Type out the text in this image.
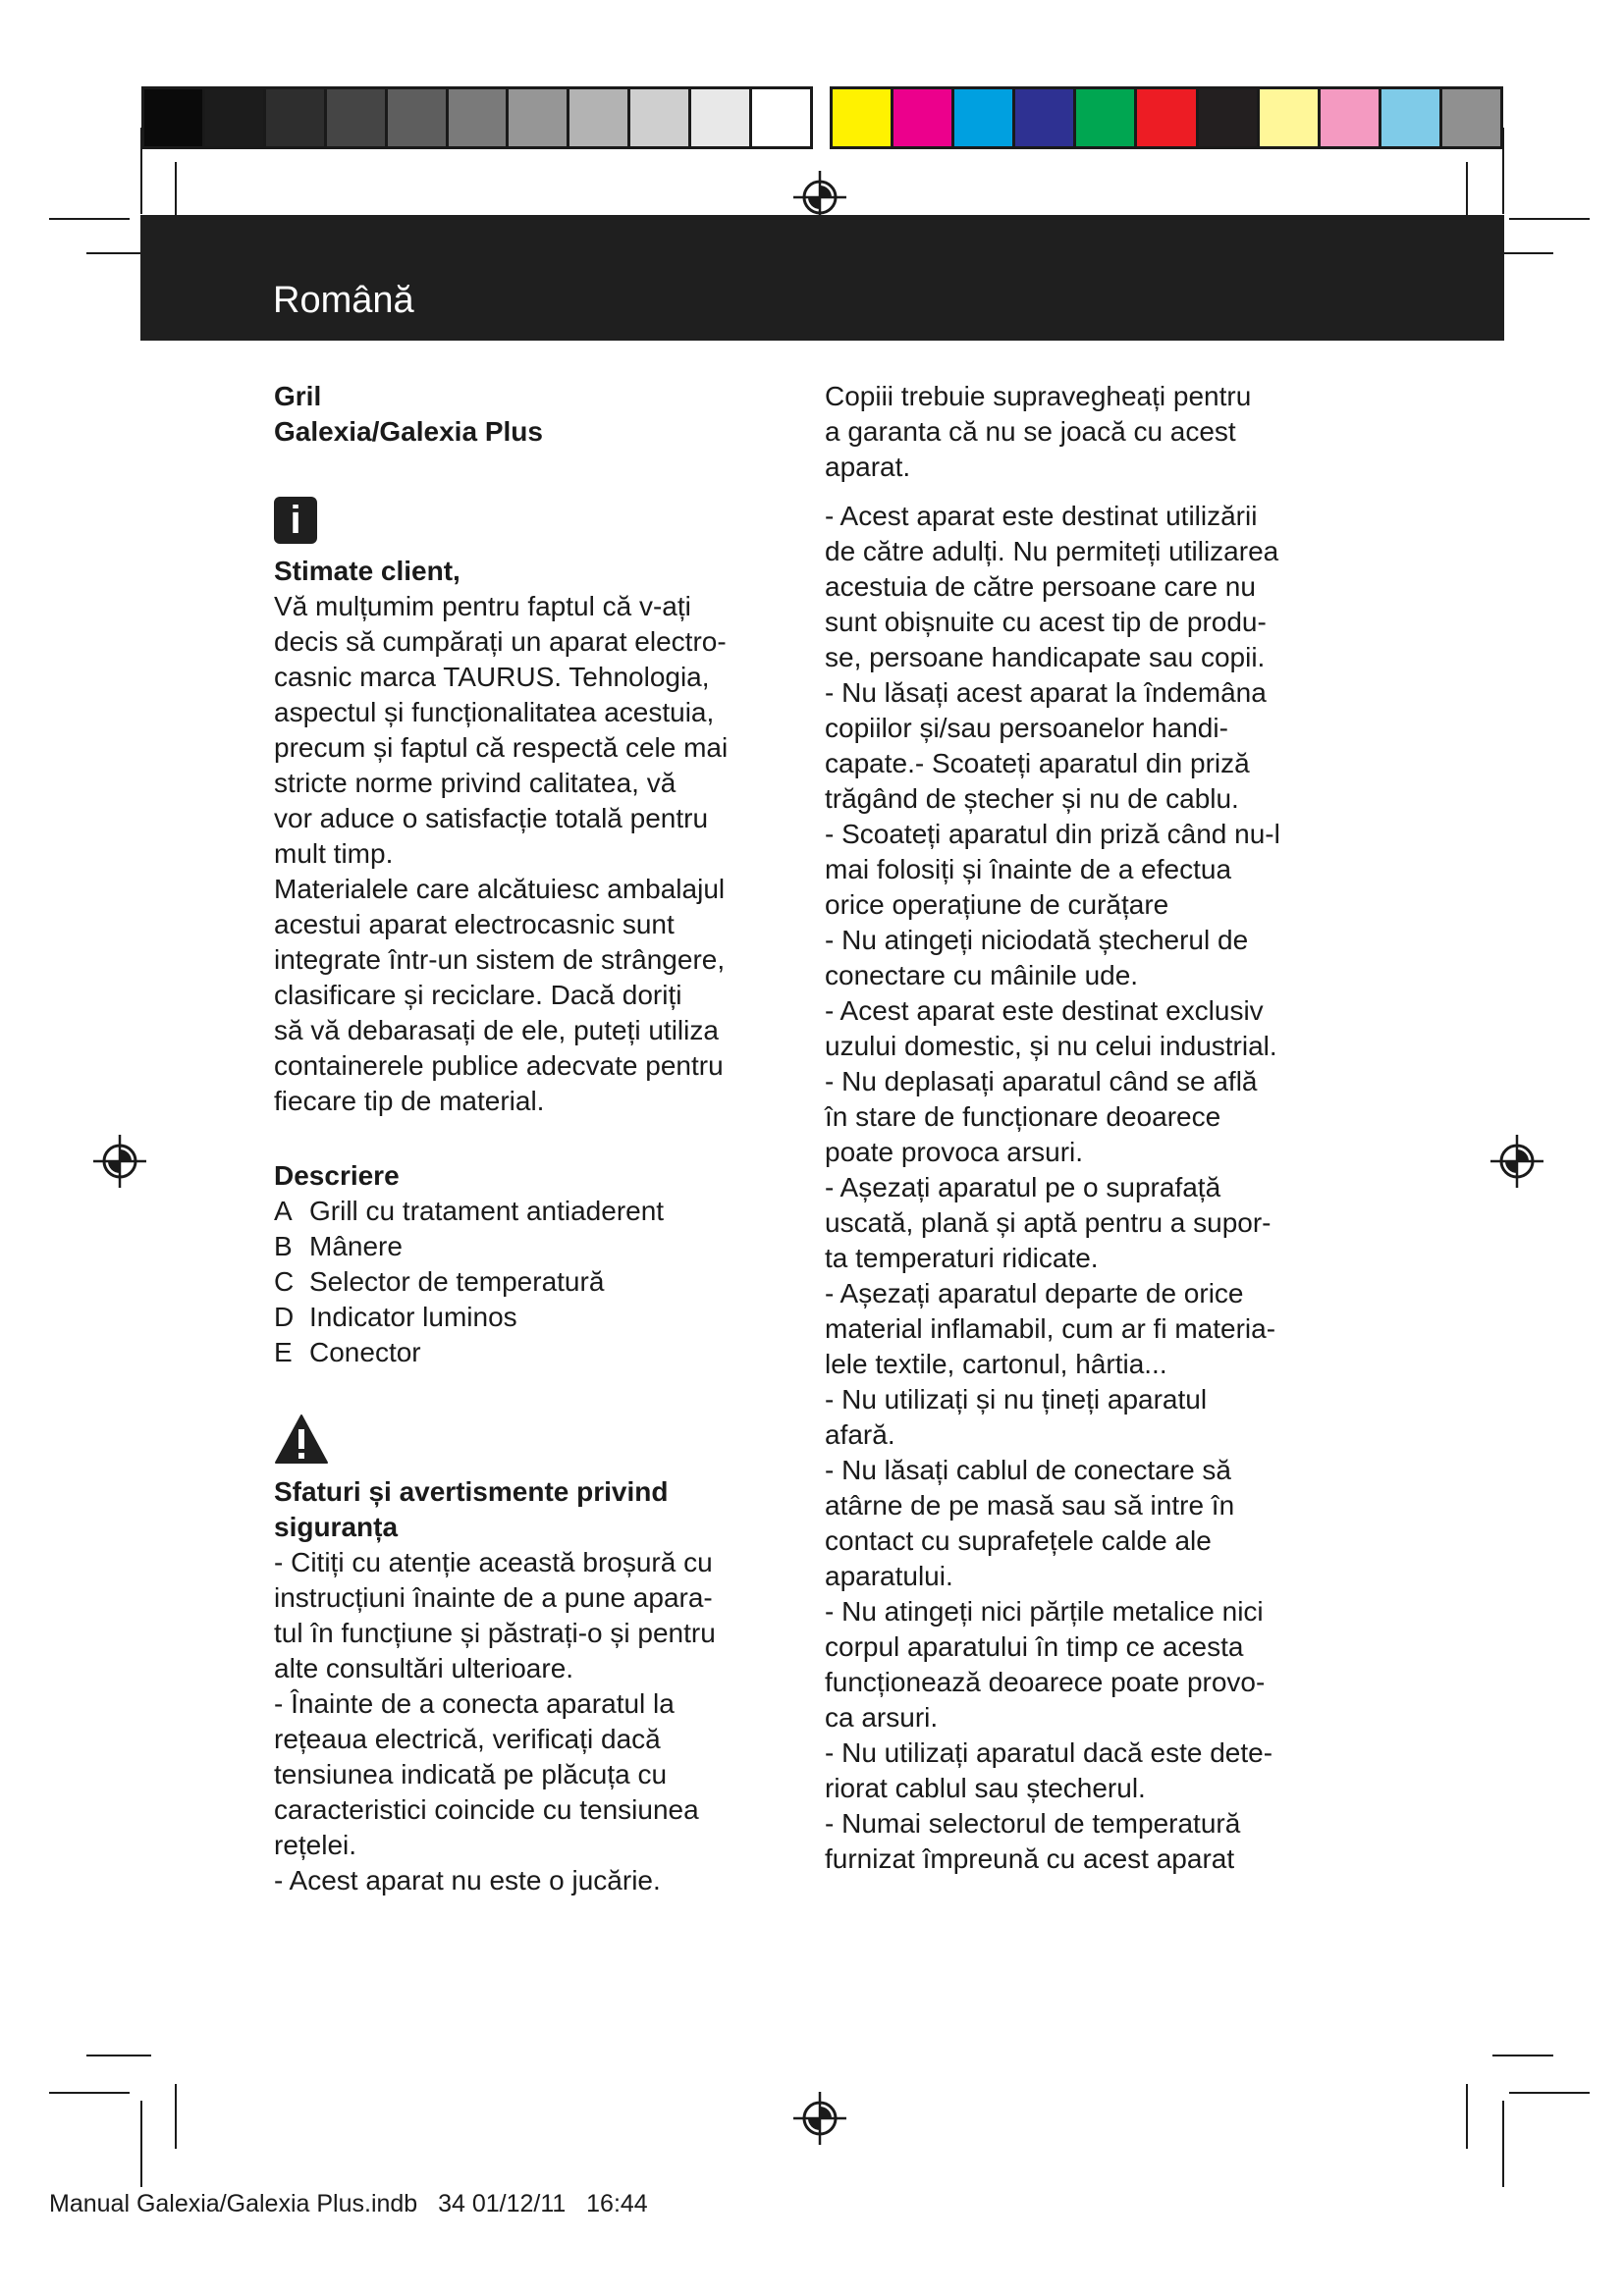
Română

Gril

Galexia/Galexia Plus

i

Stimate client,

Vă mulțumim pentru faptul că v-ați

decis să cumpărați un aparat electro-

casnic marca TAURUS. Tehnologia,

aspectul și funcționalitatea acestuia,

precum și faptul că respectă cele mai

stricte norme privind calitatea, vă

vor aduce o satisfacție totală pentru

mult timp.

Materialele care alcătuiesc ambalajul

acestui aparat electrocasnic sunt

integrate într-un sistem de strângere,

clasificare și reciclare. Dacă doriți

să vă debarasați de ele, puteți utiliza

containerele publice adecvate pentru

fiecare tip de material.

Descriere

A Grill cu tratament antiaderent
B Mânere
C Selector de temperatură
D Indicator luminos
E Conector

Sfaturi și avertismente privind

siguranța

- Citiți cu atenție această broșură cu

instrucțiuni înainte de a pune apara-

tul în funcțiune și păstrați-o și pentru

alte consultări ulterioare.

- Înainte de a conecta aparatul la

rețeaua electrică, verificați dacă

tensiunea indicată pe plăcuța cu

caracteristici coincide cu tensiunea

rețelei.

- Acest aparat nu este o jucărie.

Copiii trebuie supravegheați pentru

a garanta că nu se joacă cu acest

aparat.

- Acest aparat este destinat utilizării

de către adulți. Nu permiteți utilizarea

acestuia de către persoane care nu

sunt obișnuite cu acest tip de produ-

se, persoane handicapate sau copii.

- Nu lăsați acest aparat la îndemâna

copiilor și/sau persoanelor handi-

capate.- Scoateți aparatul din priză

trăgând de ștecher și nu de cablu.

- Scoateți aparatul din priză când nu-l

mai folosiți și înainte de a efectua

orice operațiune de curățare

- Nu atingeți niciodată ștecherul de

conectare cu mâinile ude.

- Acest aparat este destinat exclusiv

uzului domestic, și nu celui industrial.

- Nu deplasați aparatul când se află

în stare de funcționare deoarece

poate provoca arsuri.

- Așezați aparatul pe o suprafață

uscată, plană și aptă pentru a supor-

ta temperaturi ridicate.

- Așezați aparatul departe de orice

material inflamabil, cum ar fi materia-

lele textile, cartonul, hârtia...

- Nu utilizați și nu țineți aparatul

afară.

- Nu lăsați cablul de conectare să

atârne de pe masă sau să intre în

contact cu suprafețele calde ale

aparatului.

- Nu atingeți nici părțile metalice nici

corpul aparatului în timp ce acesta

funcționează deoarece poate provo-

ca arsuri.

- Nu utilizați aparatul dacă este dete-

riorat cablul sau ștecherul.

- Numai selectorul de temperatură

furnizat împreună cu acest aparat

Manual Galexia/Galexia Plus.indb 34 01/12/11 16:44
